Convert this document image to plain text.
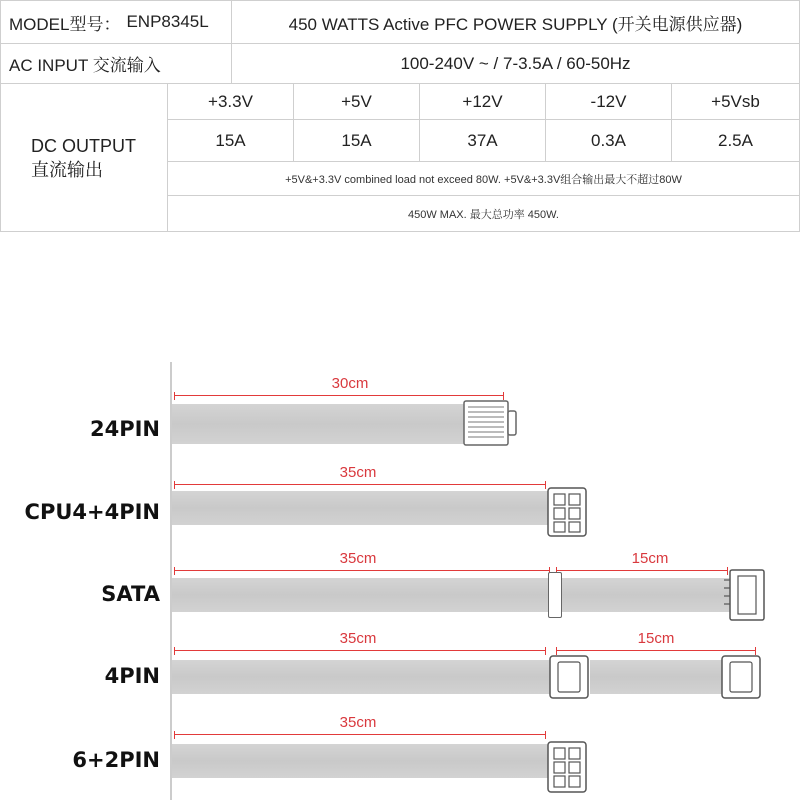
MODEL型号： ENP8345L	450 WATTS Active PFC POWER SUPPLY (开关电源供应器)
AC INPUT 交流输入	100-240V ~ / 7-3.5A / 60-50Hz
DC OUTPUT
直流输出
+3.3V	+5V	+12V	-12V	+5Vsb
15A	15A	37A	0.3A	2.5A
+5V&+3.3V combined load not exceed 80W. +5V&+3.3V组合输出最大不超过80W
450W MAX. 最大总功率 450W.
24PIN
30cm
CPU4+4PIN
35cm
SATA
35cm	15cm
4PIN
35cm	15cm
6+2PIN
35cm
